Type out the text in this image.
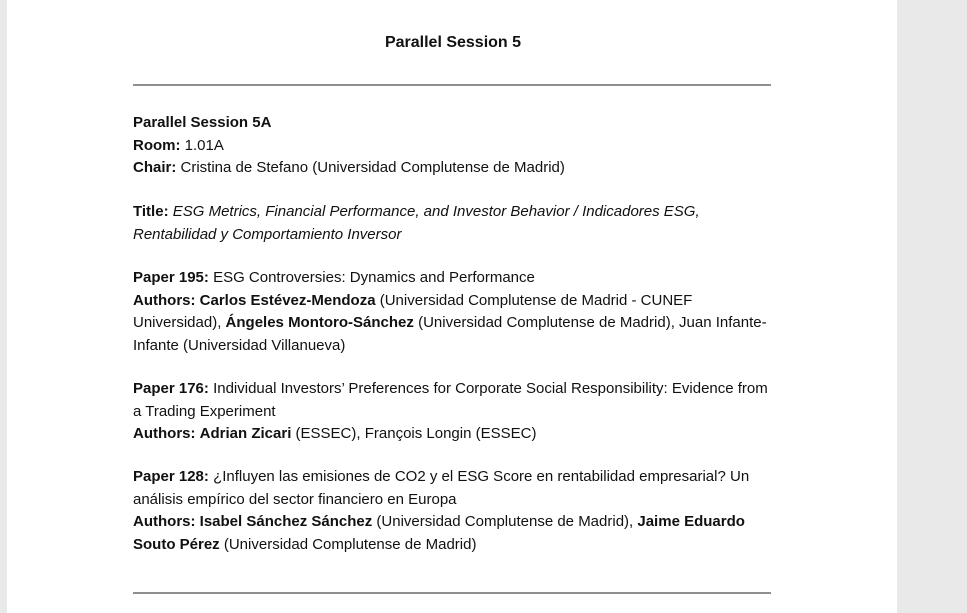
Parallel Session 5

Parallel Session 5A

Room: 1.01A

Chair: Cristina de Stefano (Universidad Complutense de Madrid)

Title: ESG Metrics, Financial Performance, and Investor Behavior / Indicadores ESG, Rentabilidad y Comportamiento Inversor

Paper 195: ESG Controversies: Dynamics and Performance

Authors: Carlos Estévez-Mendoza (Universidad Complutense de Madrid - CUNEF Universidad), Ángeles Montoro-Sánchez (Universidad Complutense de Madrid), Juan Infante-Infante (Universidad Villanueva)

Paper 176: Individual Investors’ Preferences for Corporate Social Responsibility: Evidence from a Trading Experiment

Authors: Adrian Zicari (ESSEC), François Longin (ESSEC)

Paper 128: ¿Influyen las emisiones de CO2 y el ESG Score en rentabilidad empresarial? Un análisis empírico del sector financiero en Europa

Authors: Isabel Sánchez Sánchez (Universidad Complutense de Madrid), Jaime Eduardo Souto Pérez (Universidad Complutense de Madrid)
